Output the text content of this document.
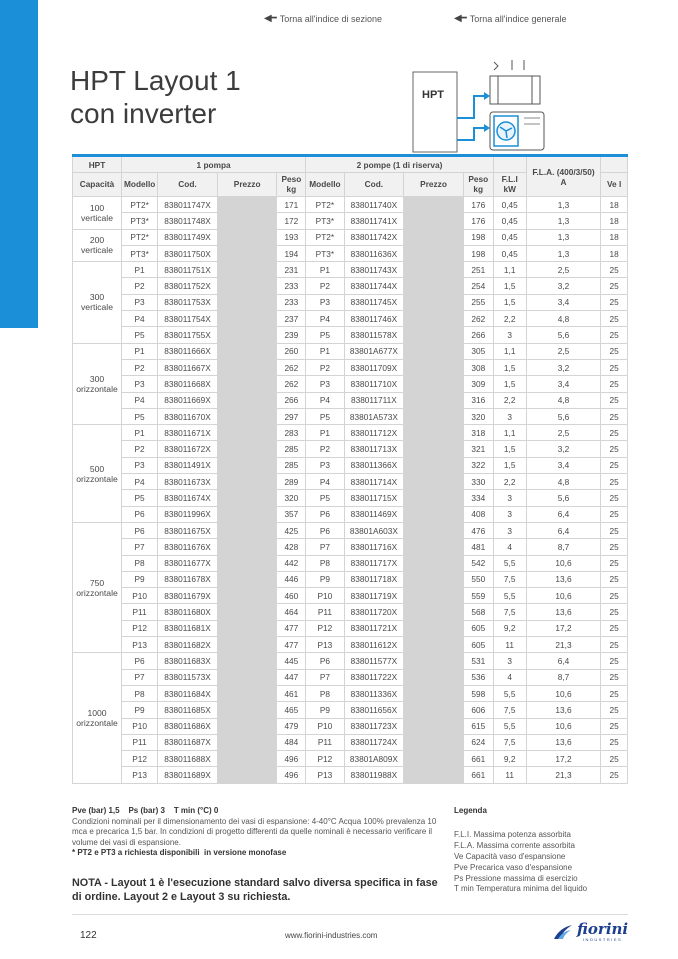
◀━ Torna all'indice di sezione	◀━ Torna all'indice generale
HPT Layout 1
con inverter
HPT
HPT	1 pompa				2 pompe (1 di riserva)					F.L.A. (400/3/50) A	
Capacità	Modello	Cod.	Prezzo	Peso kg	Modello	Cod.	Prezzo	Peso kg	F.L.I kW		Ve l
100 verticale	PT2*	838011747X		171	PT2*	838011740X		176	0,45	1,3	18
	PT3*	838011748X		172	PT3*	838011741X		176	0,45	1,3	18
200 verticale	PT2*	838011749X		193	PT2*	838011742X		198	0,45	1,3	18
	PT3*	838011750X		194	PT3*	838011636X		198	0,45	1,3	18
300 verticale	P1	838011751X		231	P1	838011743X		251	1,1	2,5	25
	P2	838011752X		233	P2	838011744X		254	1,5	3,2	25
	P3	838011753X		233	P3	838011745X		255	1,5	3,4	25
	P4	838011754X		237	P4	838011746X		262	2,2	4,8	25
	P5	838011755X		239	P5	838011578X		266	3	5,6	25
300 orizzontale	P1	838011666X		260	P1	83801A677X		305	1,1	2,5	25
	P2	838011667X		262	P2	838011709X		308	1,5	3,2	25
	P3	838011668X		262	P3	838011710X		309	1,5	3,4	25
	P4	838011669X		266	P4	838011711X		316	2,2	4,8	25
	P5	838011670X		297	P5	83801A573X		320	3	5,6	25
500 orizzontale	P1	838011671X		283	P1	838011712X		318	1,1	2,5	25
	P2	838011672X		285	P2	838011713X		321	1,5	3,2	25
	P3	838011491X		285	P3	838011366X		322	1,5	3,4	25
	P4	838011673X		289	P4	838011714X		330	2,2	4,8	25
	P5	838011674X		320	P5	838011715X		334	3	5,6	25
	P6	838011996X		357	P6	838011469X		408	3	6,4	25
750 orizzontale	P6	838011675X		425	P6	83801A603X		476	3	6,4	25
	P7	838011676X		428	P7	838011716X		481	4	8,7	25
	P8	838011677X		442	P8	838011717X		542	5,5	10,6	25
	P9	838011678X		446	P9	838011718X		550	7,5	13,6	25
	P10	838011679X		460	P10	838011719X		559	5,5	10,6	25
	P11	838011680X		464	P11	838011720X		568	7,5	13,6	25
	P12	838011681X		477	P12	838011721X		605	9,2	17,2	25
	P13	838011682X		477	P13	838011612X		605	11	21,3	25
1000 orizzontale	P6	838011683X		445	P6	838011577X		531	3	6,4	25
	P7	838011573X		447	P7	838011722X		536	4	8,7	25
	P8	838011684X		461	P8	838011336X		598	5,5	10,6	25
	P9	838011685X		465	P9	838011656X		606	7,5	13,6	25
	P10	838011686X		479	P10	838011723X		615	5,5	10,6	25
	P11	838011687X		484	P11	838011724X		624	7,5	13,6	25
	P12	838011688X		496	P12	83801A809X		661	9,2	17,2	25
	P13	838011689X		496	P13	838011988X		661	11	21,3	25
Pve (bar) 1,5    Ps (bar) 3    T min (°C) 0
Condizioni nominali per il dimensionamento dei vasi di espansione: 4-40°C Acqua 100% prevalenza 10 mca e precarica 1,5 bar. In condizioni di progetto differenti da quelle nominali è necessario verificare il volume dei vasi di espansione.
* PT2 e PT3 a richiesta disponibili  in versione monofase
NOTA - Layout 1 è l'esecuzione standard salvo diversa specifica in fase di ordine. Layout 2 e Layout 3 su richiesta.
Legenda
F.L.I. Massima potenza assorbita
F.L.A. Massima corrente assorbita
Ve Capacità vaso d'espansione
Pve Precarica vaso d'espansione
Ps Pressione massima di esercizio
T min Temperatura minima del liquido
122	www.fiorini-industries.com	fiorini
INDUSTRIES
